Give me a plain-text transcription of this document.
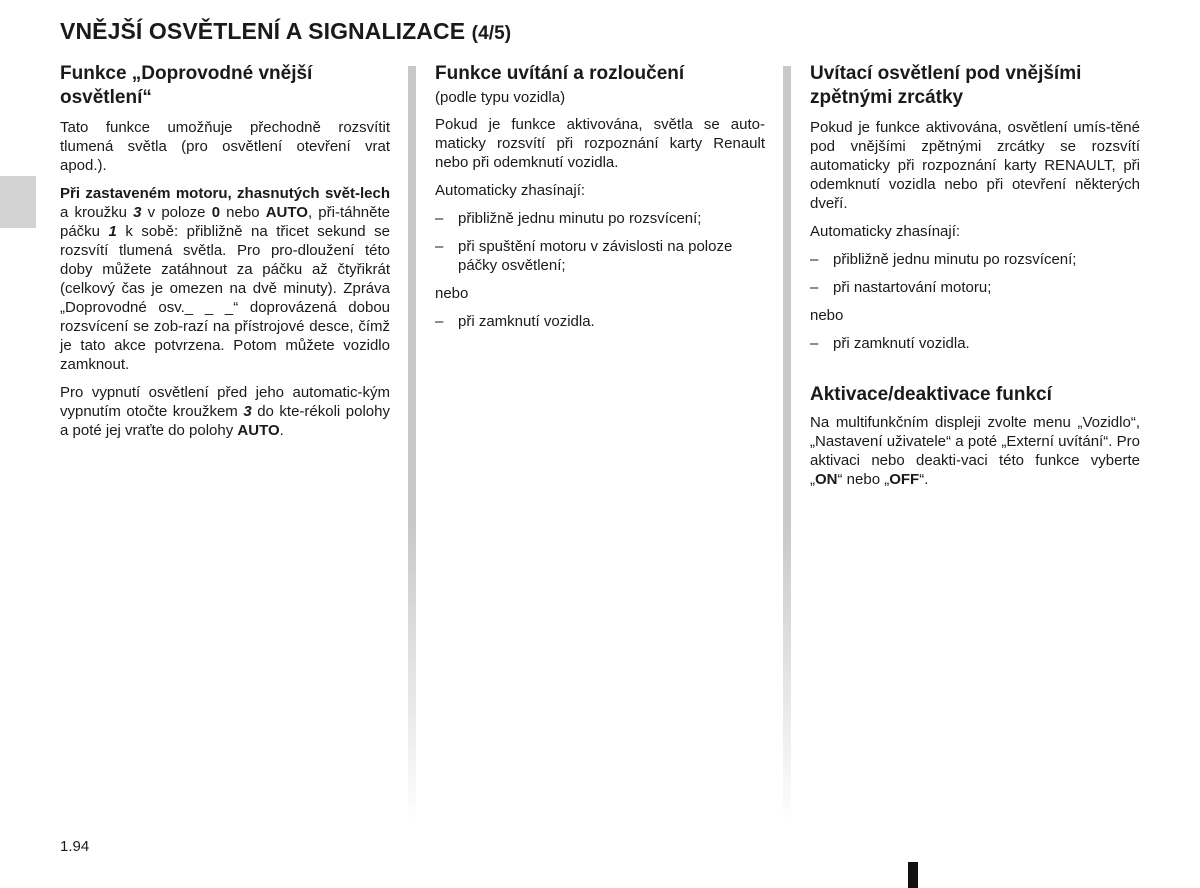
VNĚJŠÍ OSVĚTLENÍ A SIGNALIZACE (4/5)
Funkce „Doprovodné vnější osvětlení“

Tato funkce umožňuje přechodně rozsvítit tlumená světla (pro osvětlení otevření vrat apod.).

Při zastaveném motoru, zhasnutých svět-lech a kroužku 3 v poloze 0 nebo AUTO, při-táhněte páčku 1 k sobě: přibližně na třicet sekund se rozsvítí tlumená světla. Pro pro-dloužení této doby můžete zatáhnout za páčku až čtyřikrát (celkový čas je omezen na dvě minuty). Zpráva „Doprovodné osv._ _ _“ doprovázená dobou rozsvícení se zob-razí na přístrojové desce, čímž je tato akce potvrzena. Potom můžete vozidlo zamknout.

Pro vypnutí osvětlení před jeho automatic-kým vypnutím otočte kroužkem 3 do kte-rékoli polohy a poté jej vraťte do polohy AUTO.

Funkce uvítání a rozloučení
(podle typu vozidla)

Pokud je funkce aktivována, světla se auto-maticky rozsvítí při rozpoznání karty Renault nebo při odemknutí vozidla.

Automaticky zhasínají:

– přibližně jednu minutu po rozsvícení;
– při spuštění motoru v závislosti na poloze páčky osvětlení;

nebo

– při zamknutí vozidla.
Uvítací osvětlení pod vnějšími zpětnými zrcátky

Pokud je funkce aktivována, osvětlení umís-těné pod vnějšími zpětnými zrcátky se rozsvítí automaticky při rozpoznání karty RENAULT, při odemknutí vozidla nebo při otevření některých dveří.

Automaticky zhasínají:

– přibližně jednu minutu po rozsvícení;
– při nastartování motoru;

nebo

– při zamknutí vozidla.
Aktivace/deaktivace funkcí

Na multifunkčním displeji zvolte menu „Vozidlo“, „Nastavení uživatele“ a poté „Externí uvítání“. Pro aktivaci nebo deakti-vaci této funkce vyberte „ON“ nebo „OFF“.

1.94
